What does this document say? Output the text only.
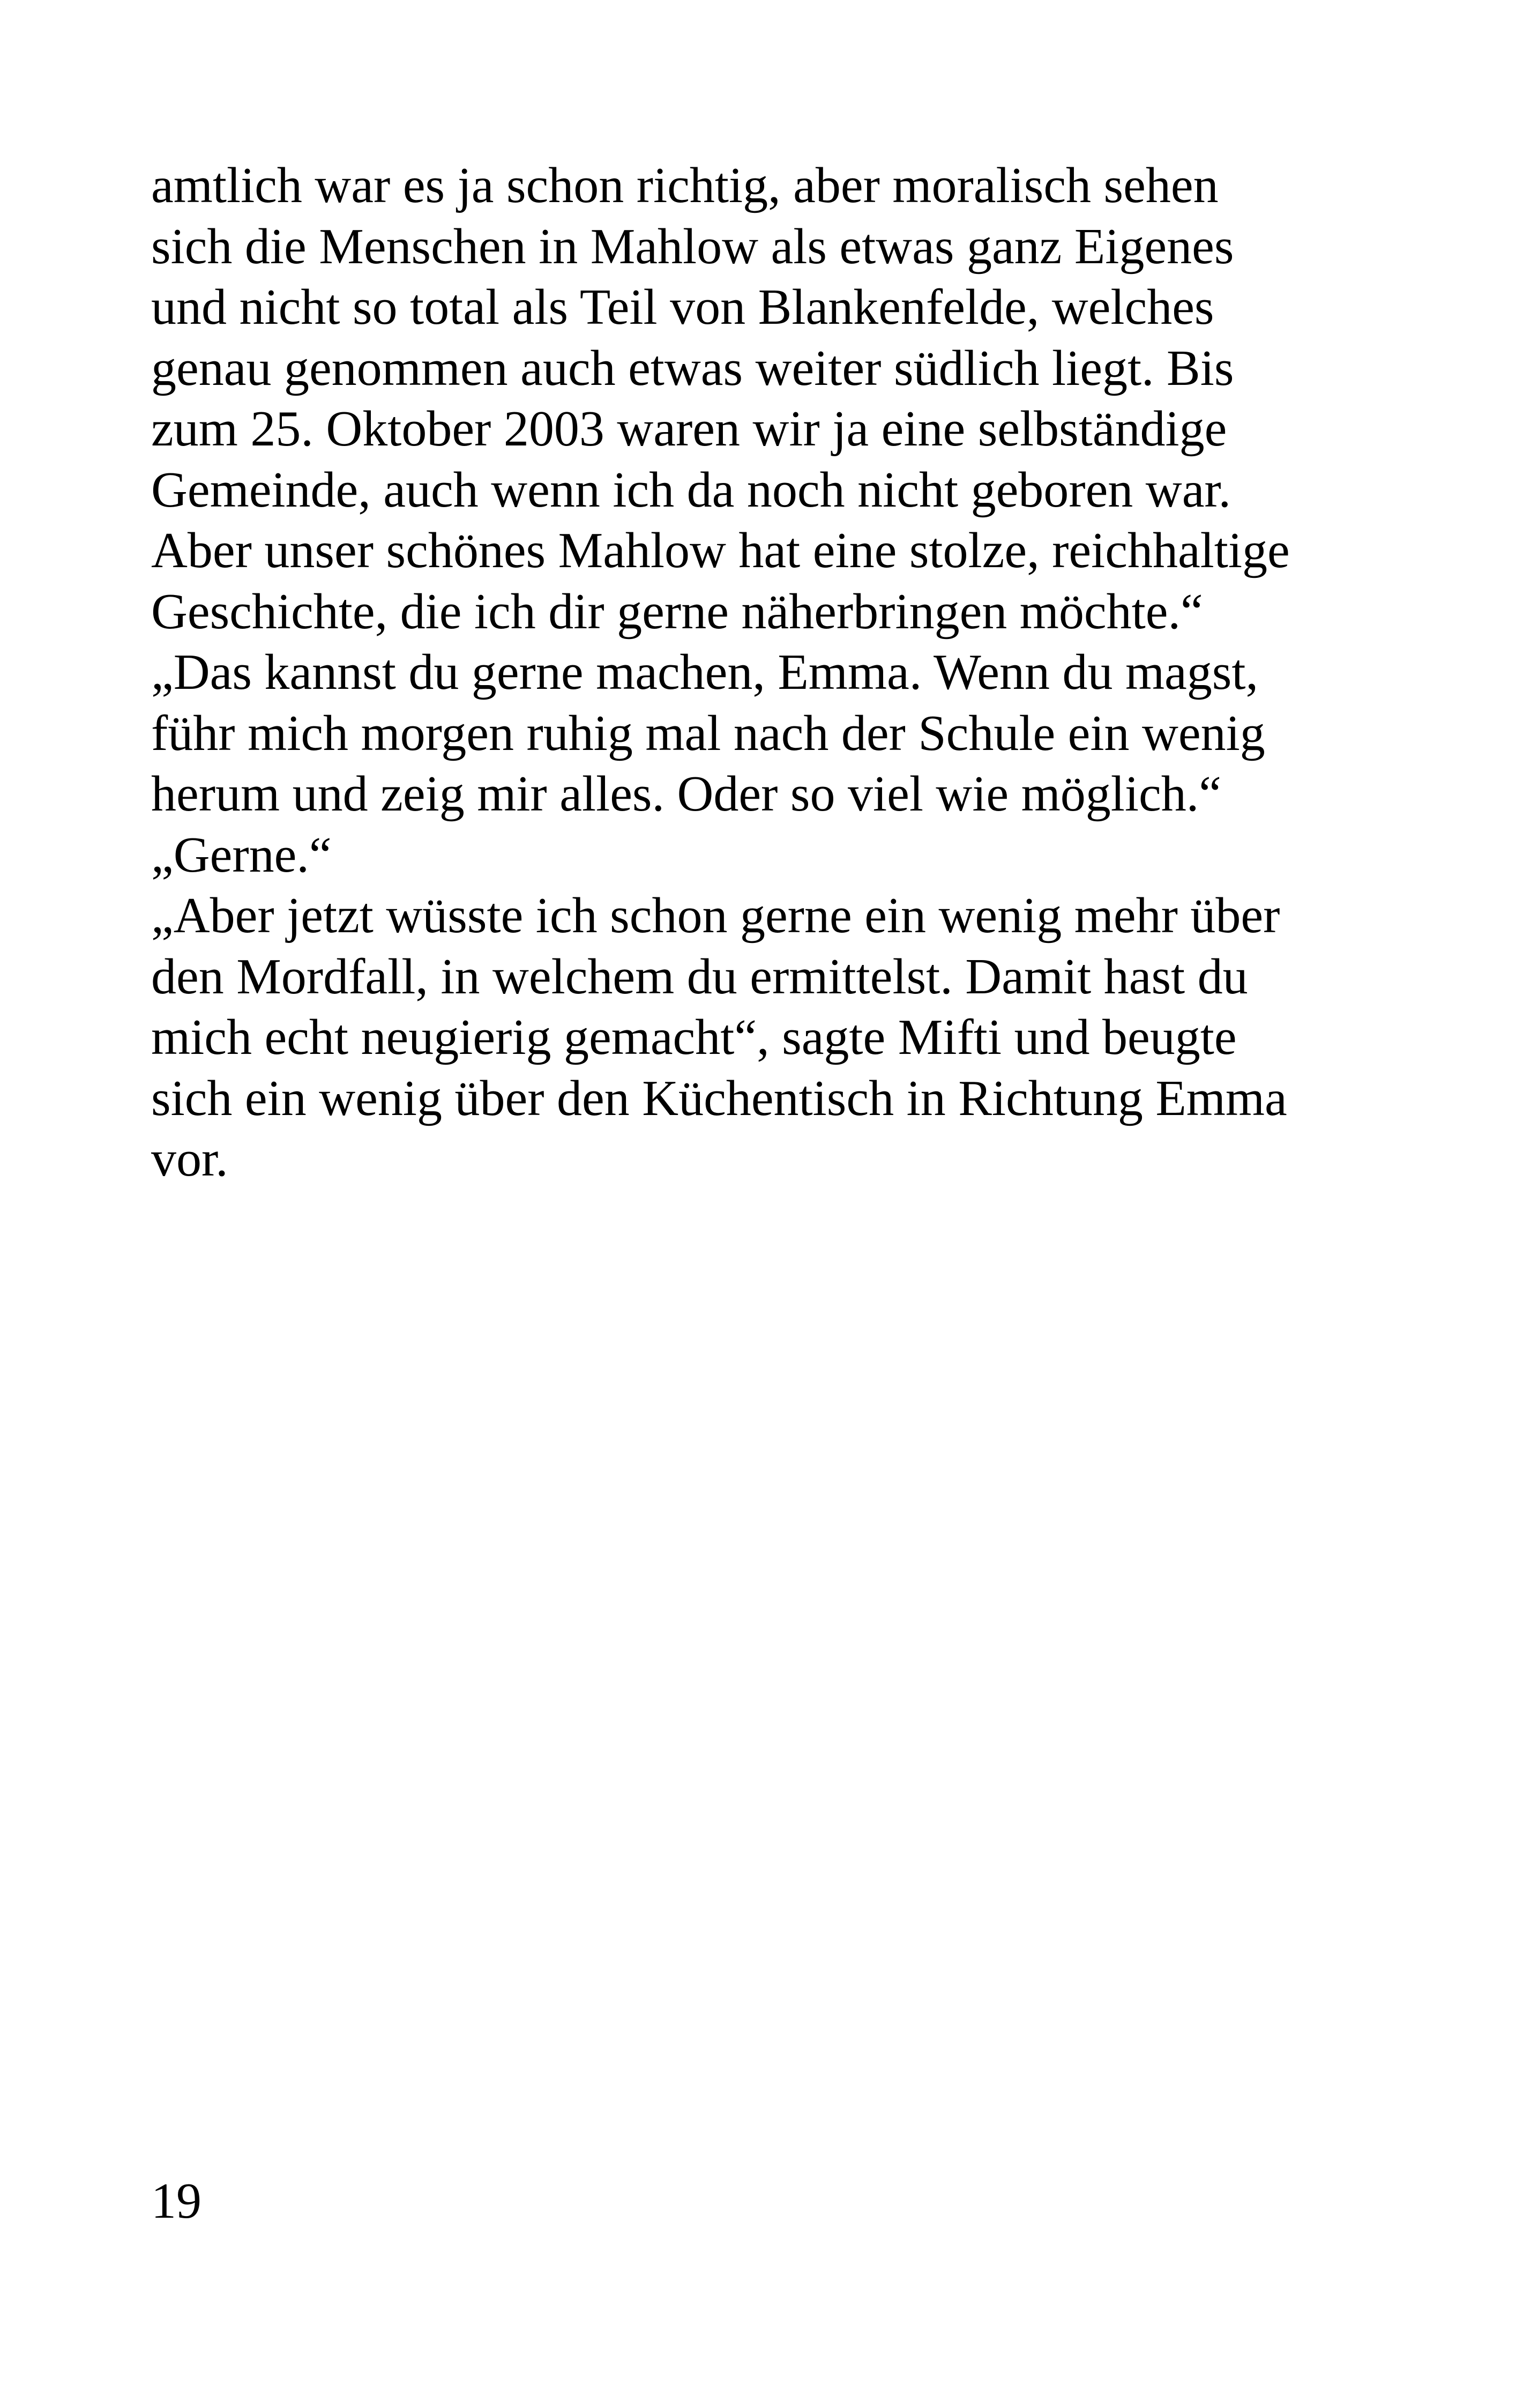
amtlich war es ja schon richtig, aber moralisch sehen
sich die Menschen in Mahlow als etwas ganz Eigenes
und nicht so total als Teil von Blankenfelde, welches
genau genommen auch etwas weiter südlich liegt. Bis
zum 25. Oktober 2003 waren wir ja eine selbständige
Gemeinde, auch wenn ich da noch nicht geboren war.
Aber unser schönes Mahlow hat eine stolze, reichhaltige
Geschichte, die ich dir gerne näherbringen möchte.“
„Das kannst du gerne machen, Emma. Wenn du magst,
führ mich morgen ruhig mal nach der Schule ein wenig
herum und zeig mir alles. Oder so viel wie möglich.“
„Gerne.“
„Aber jetzt wüsste ich schon gerne ein wenig mehr über
den Mordfall, in welchem du ermittelst. Damit hast du
mich echt neugierig gemacht“, sagte Mifti und beugte
sich ein wenig über den Küchentisch in Richtung Emma
vor.
19
